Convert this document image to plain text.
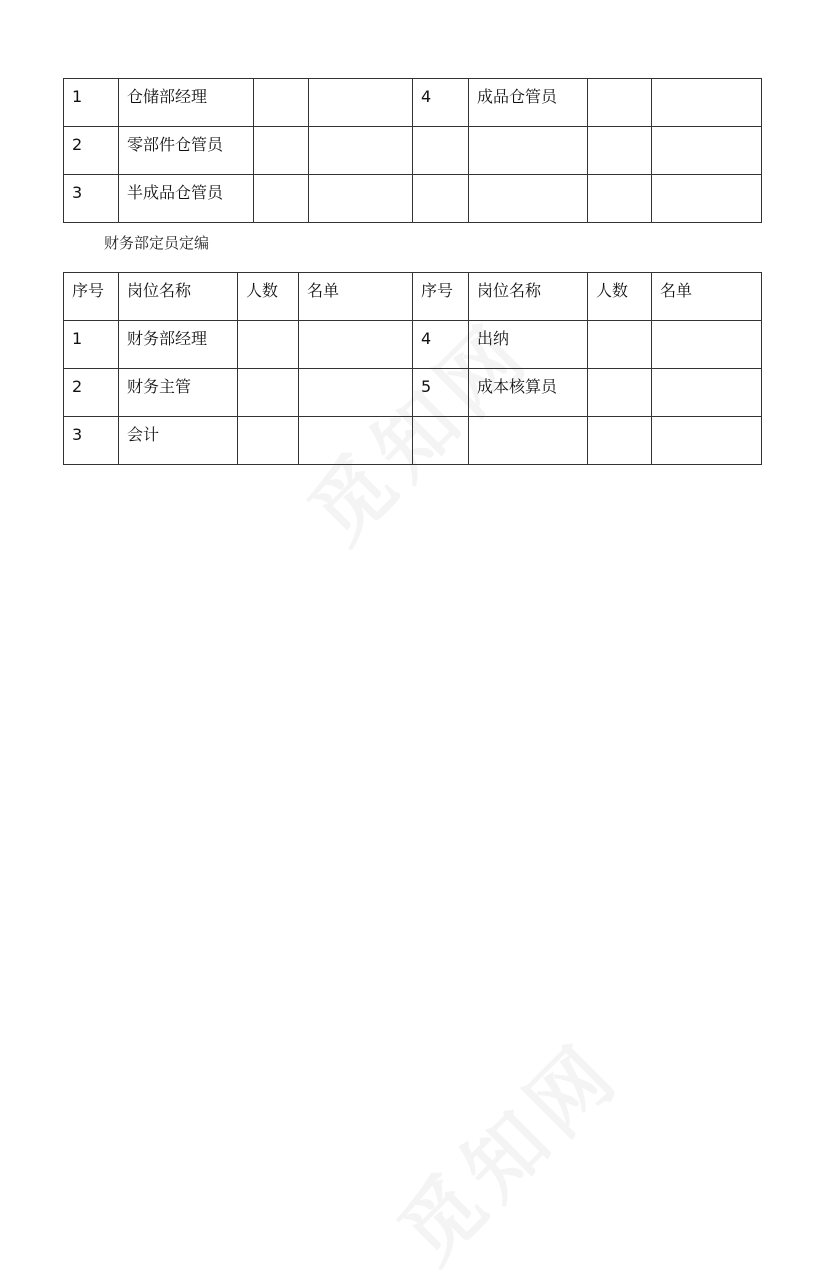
1	仓储部经理			4	成品仓管员		
2	零部件仓管员						
3	半成品仓管员						
财务部定员定编
序号	岗位名称	人数	名单	序号	岗位名称	人数	名单
1	财务部经理			4	出纳		
2	财务主管			5	成本核算员		
3	会计						
